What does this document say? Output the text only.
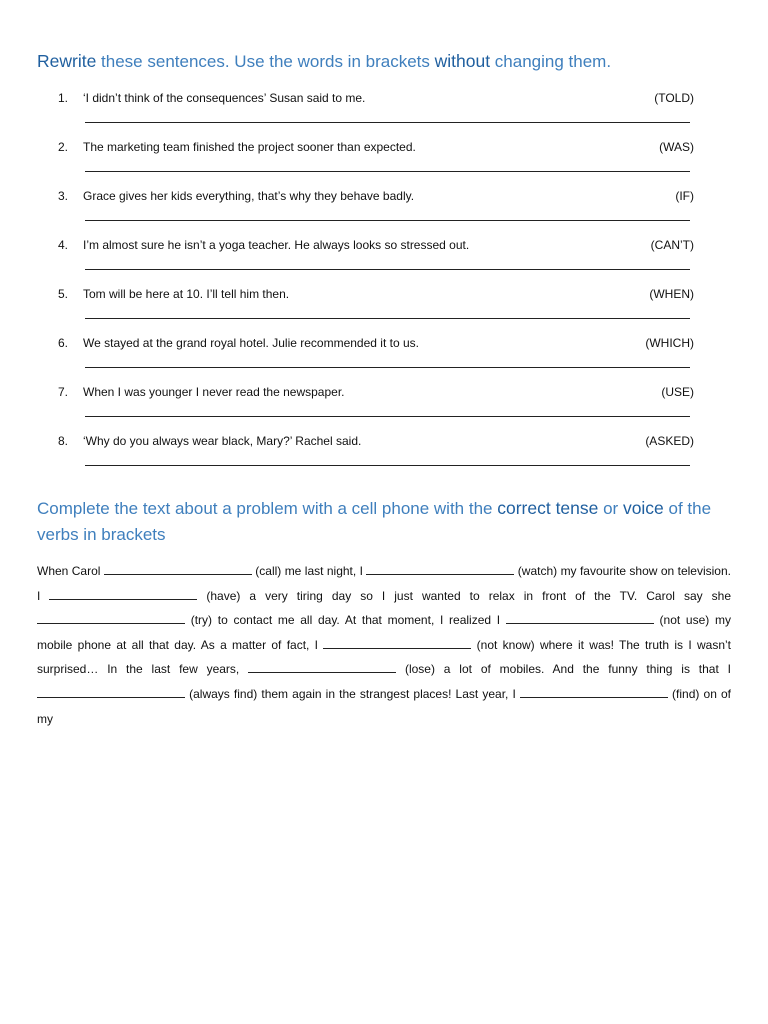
Rewrite these sentences. Use the words in brackets without changing them.
1. ‘I didn’t think of the consequences’ Susan said to me.	(TOLD)
2. The marketing team finished the project sooner than expected.	(WAS)
3. Grace gives her kids everything, that’s why they behave badly.	(IF)
4. I’m almost sure he isn’t a yoga teacher. He always looks so stressed out.	(CAN’T)
5. Tom will be here at 10. I’ll tell him then.	(WHEN)
6. We stayed at the grand royal hotel. Julie recommended it to us.	(WHICH)
7. When I was younger I never read the newspaper.	(USE)
8. ‘Why do you always wear black, Mary?’ Rachel said.	(ASKED)
Complete the text about a problem with a cell phone with the correct tense or voice of the verbs in brackets
When Carol	(call) me last night, I	(watch) my favourite show on television. I	(have) a very tiring day so I just wanted to relax in front of the TV. Carol say she  (try) to contact me all day. At that moment, I realized I	(not use) my mobile phone at all that day. As a matter of fact, I	(not know) where it was! The truth is I wasn’t surprised… In the last few years,	(lose) a lot of mobiles. And the funny thing is that I  (always find) them again in the strangest places! Last year, I	(find) on of my
